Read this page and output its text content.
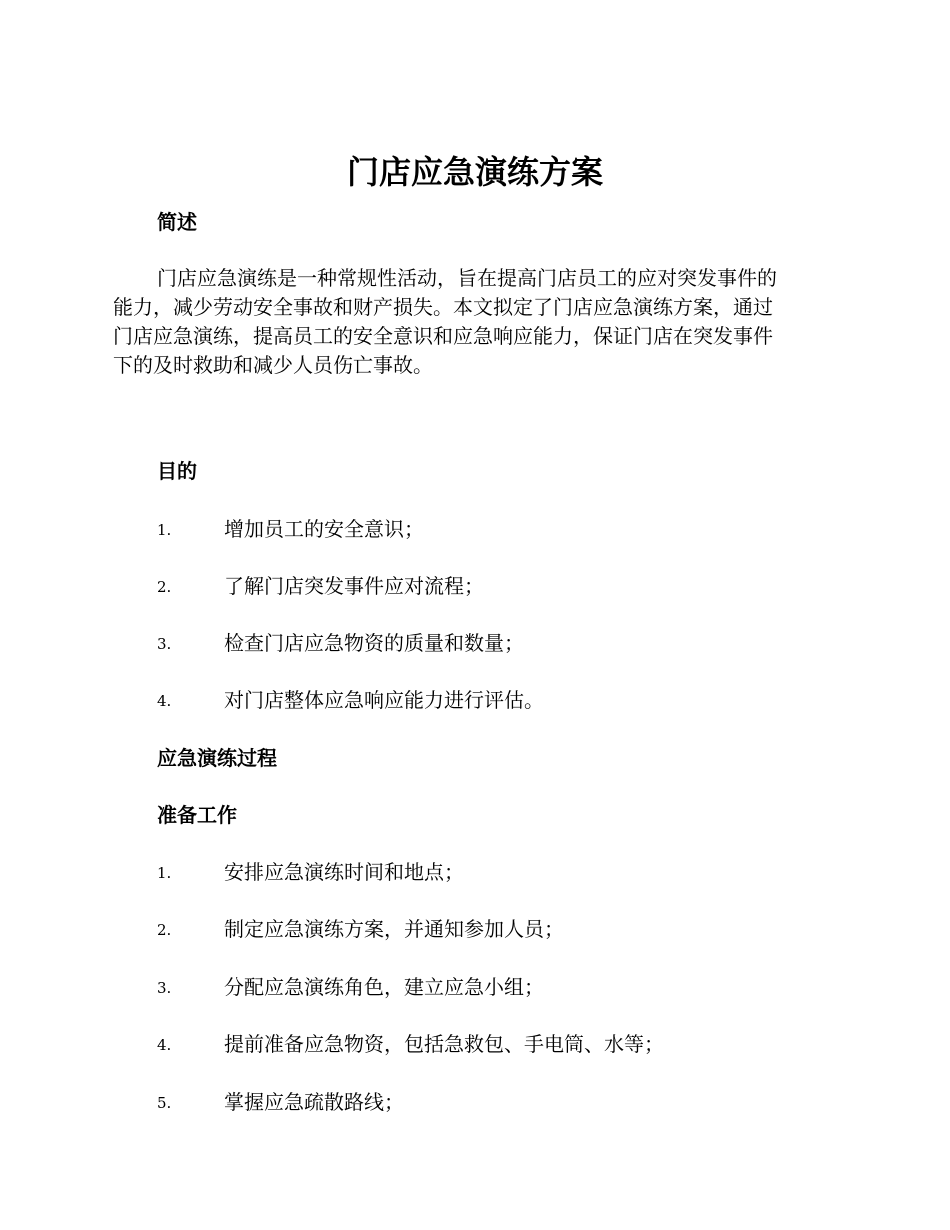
门店应急演练方案
简述
门店应急演练是一种常规性活动，旨在提高门店员工的应对突发事件的
能力，减少劳动安全事故和财产损失。本文拟定了门店应急演练方案，通过
门店应急演练，提高员工的安全意识和应急响应能力，保证门店在突发事件
下的及时救助和减少人员伤亡事故。
目的
1.	增加员工的安全意识；
2.	了解门店突发事件应对流程；
3.	检查门店应急物资的质量和数量；
4.	对门店整体应急响应能力进行评估。
应急演练过程
准备工作
1.	安排应急演练时间和地点；
2.	制定应急演练方案，并通知参加人员；
3.	分配应急演练角色，建立应急小组；
4.	提前准备应急物资，包括急救包、手电筒、水等；
5.	掌握应急疏散路线；
